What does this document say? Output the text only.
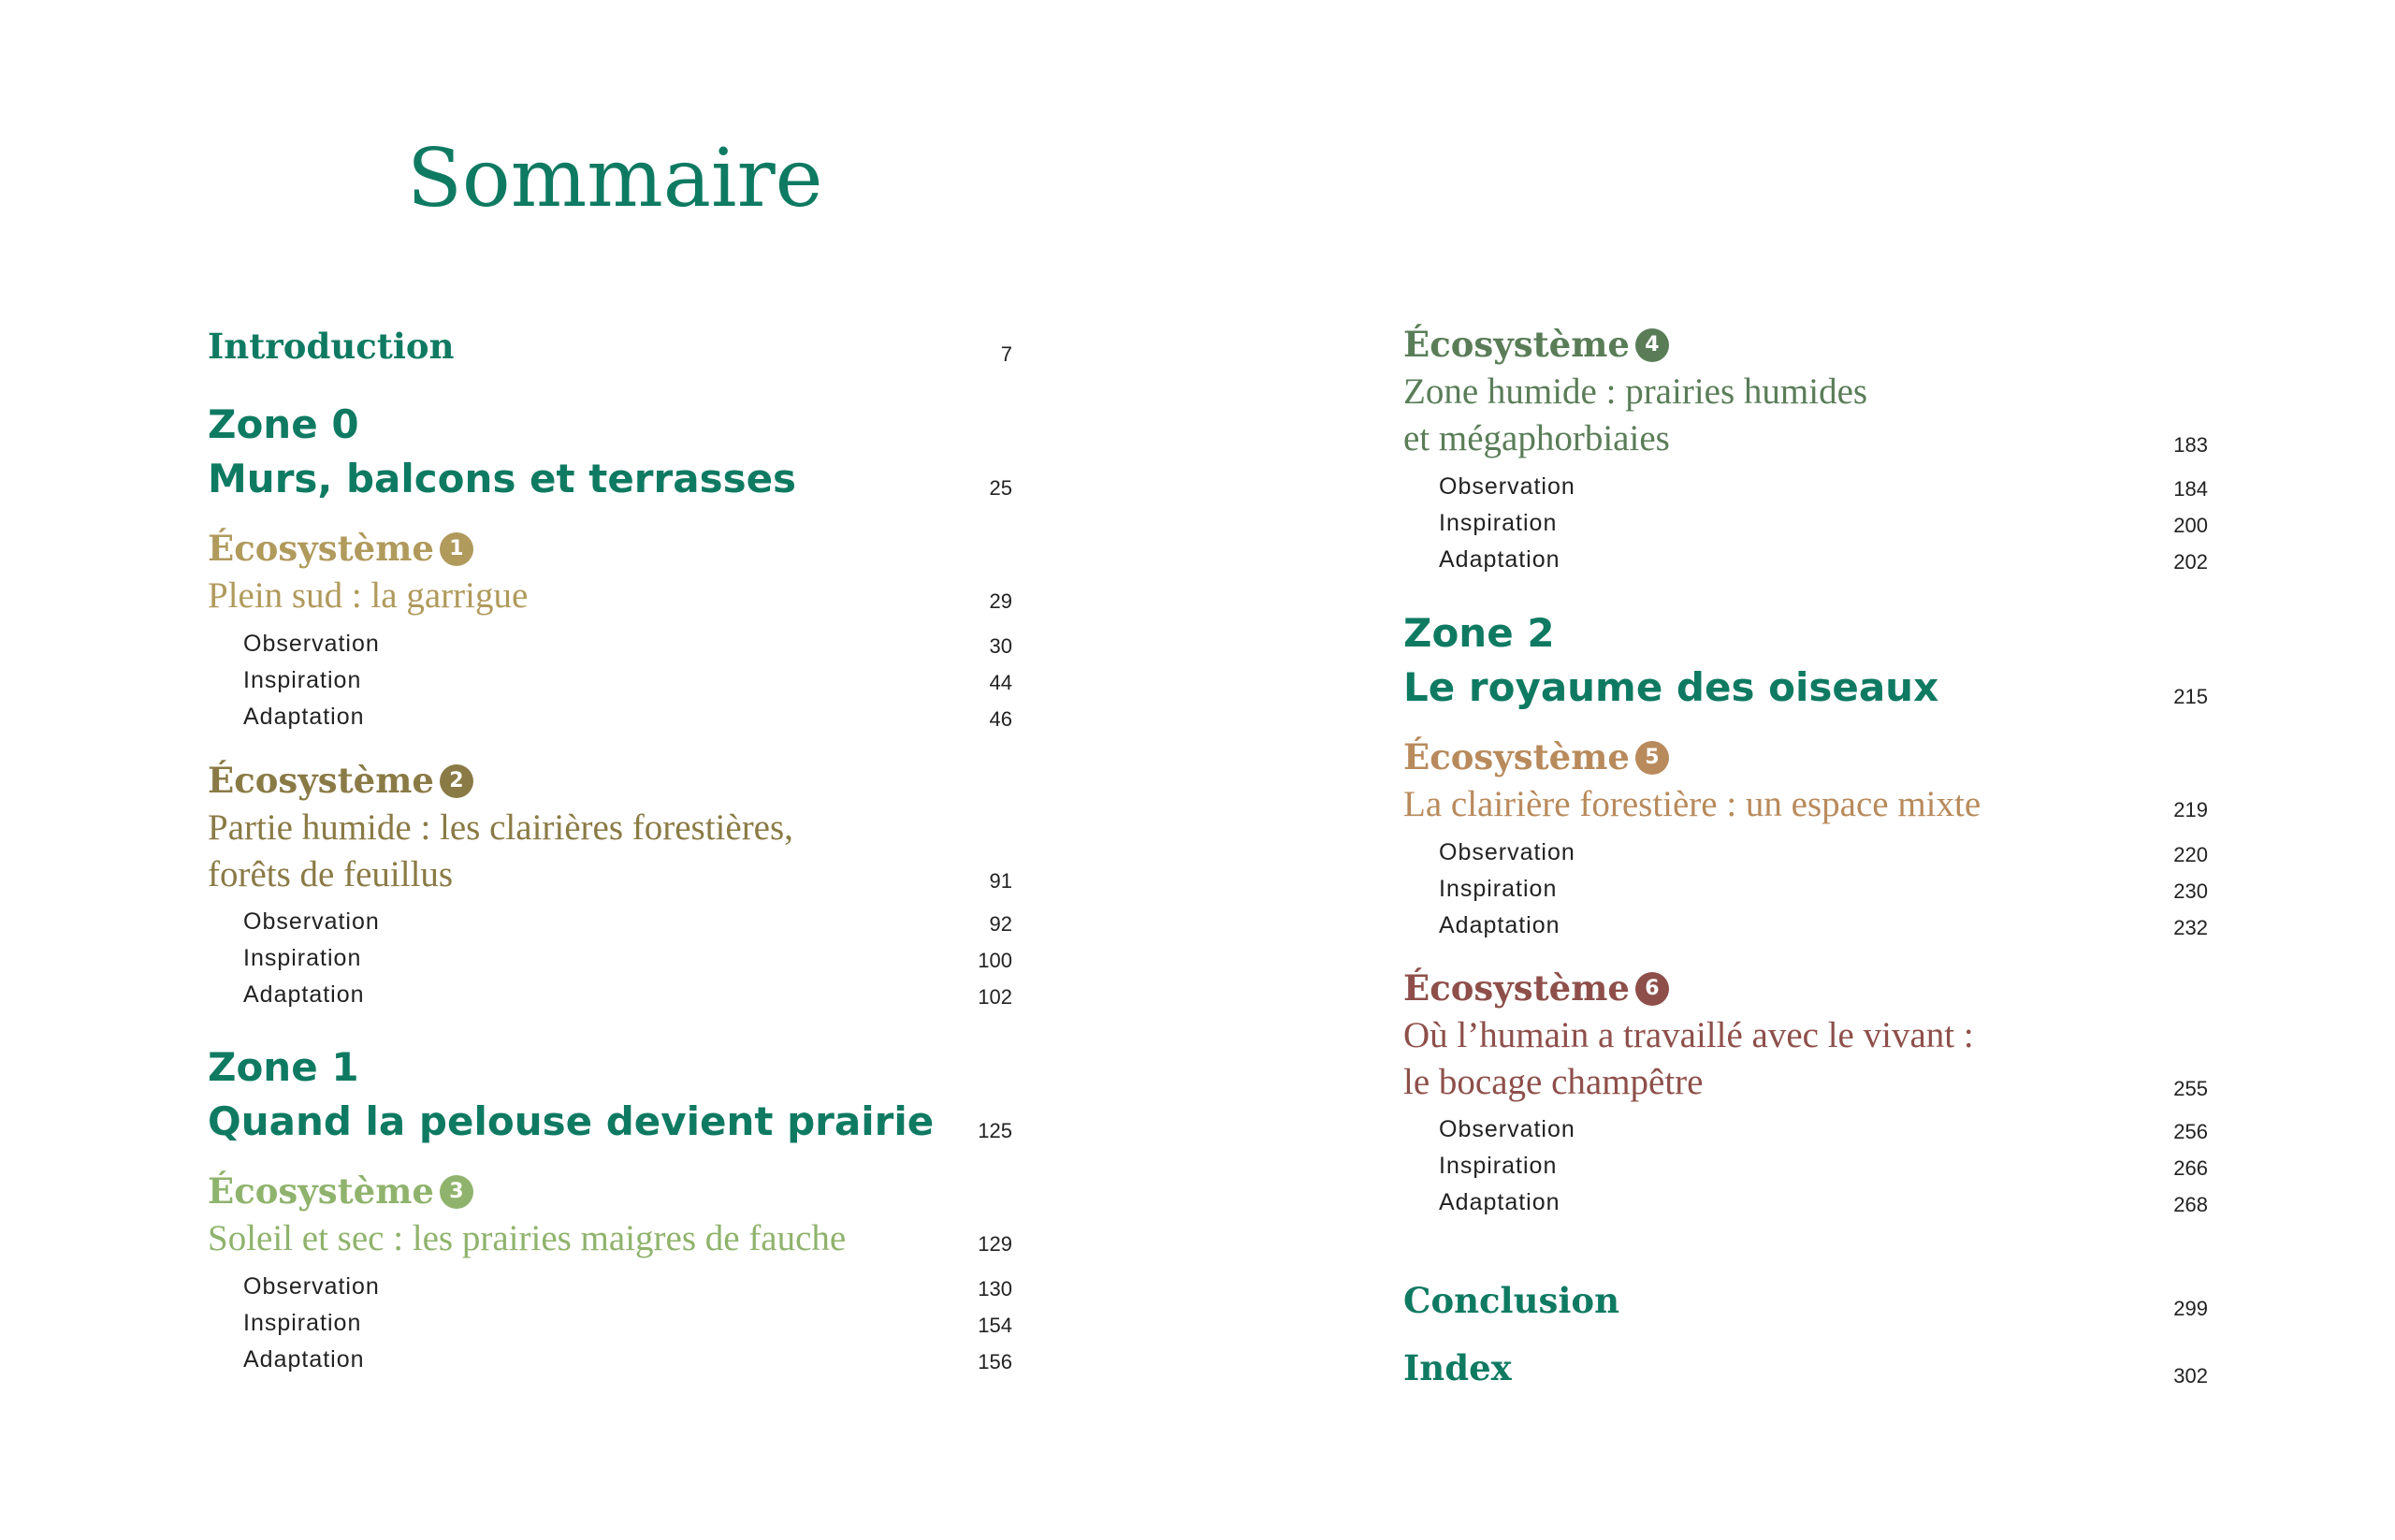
Sommaire
Introduction	7
Zone 0
Murs, balcons et terrasses	25
Écosystème 1
Plein sud : la garrigue	29
Observation	30
Inspiration	44
Adaptation	46
Écosystème 2
Partie humide : les clairières forestières,
forêts de feuillus	91
Observation	92
Inspiration	100
Adaptation	102
Zone 1
Quand la pelouse devient prairie	125
Écosystème 3
Soleil et sec : les prairies maigres de fauche	129
Observation	130
Inspiration	154
Adaptation	156
Écosystème 4
Zone humide : prairies humides
et mégaphorbiaies	183
Observation	184
Inspiration	200
Adaptation	202
Zone 2
Le royaume des oiseaux	215
Écosystème 5
La clairière forestière : un espace mixte	219
Observation	220
Inspiration	230
Adaptation	232
Écosystème 6
Où l’humain a travaillé avec le vivant :
le bocage champêtre	255
Observation	256
Inspiration	266
Adaptation	268
Conclusion	299
Index	302
